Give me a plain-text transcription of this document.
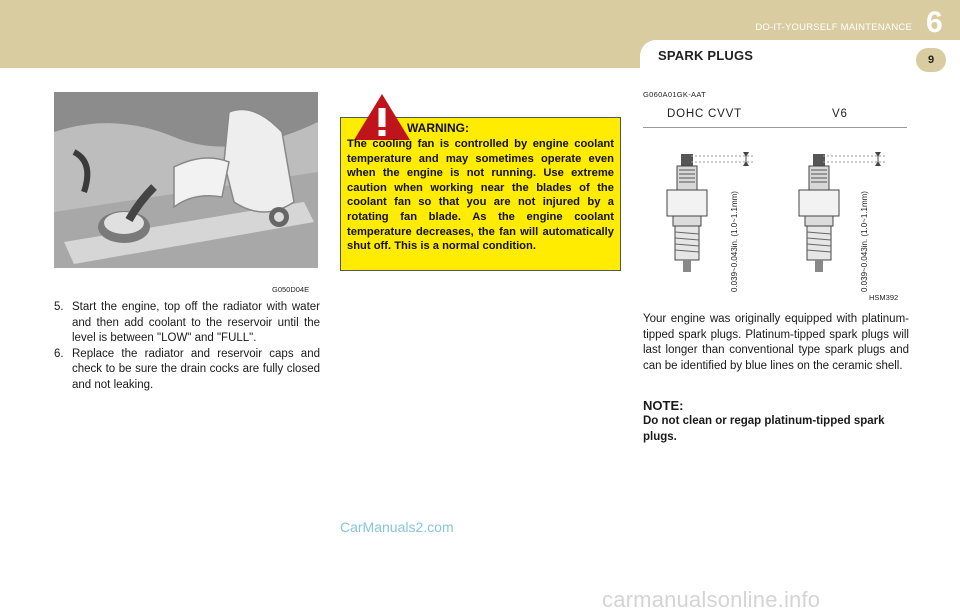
DO-IT-YOURSELF MAINTENANCE 6
SPARK PLUGS	9
G050D04E
5. Start the engine, top off the radiator with water and then add coolant to the reservoir until the level is between "LOW" and "FULL".
6. Replace the radiator and reservoir caps and check to be sure the drain cocks are fully closed and not leaking.
WARNING:
The cooling fan is controlled by engine coolant temperature and may sometimes operate even when the engine is not running. Use extreme caution when working near the blades of the coolant fan so that you are not injured by a rotating fan blade. As the engine coolant temperature decreases, the fan will automatically shut off. This is a normal condition.
G060A01GK-AAT
DOHC CVVT	V6
0.039~0.043in. (1.0~1.1mm)	0.039~0.043in. (1.0~1.1mm)
HSM392
Your engine was originally equipped with platinum-tipped spark plugs. Platinum-tipped spark plugs will last longer than conventional type spark plugs and can be identified by blue lines on the ceramic shell.
NOTE:
Do not clean or regap platinum-tipped spark plugs.
CarManuals2.com
carmanualsonline.info
